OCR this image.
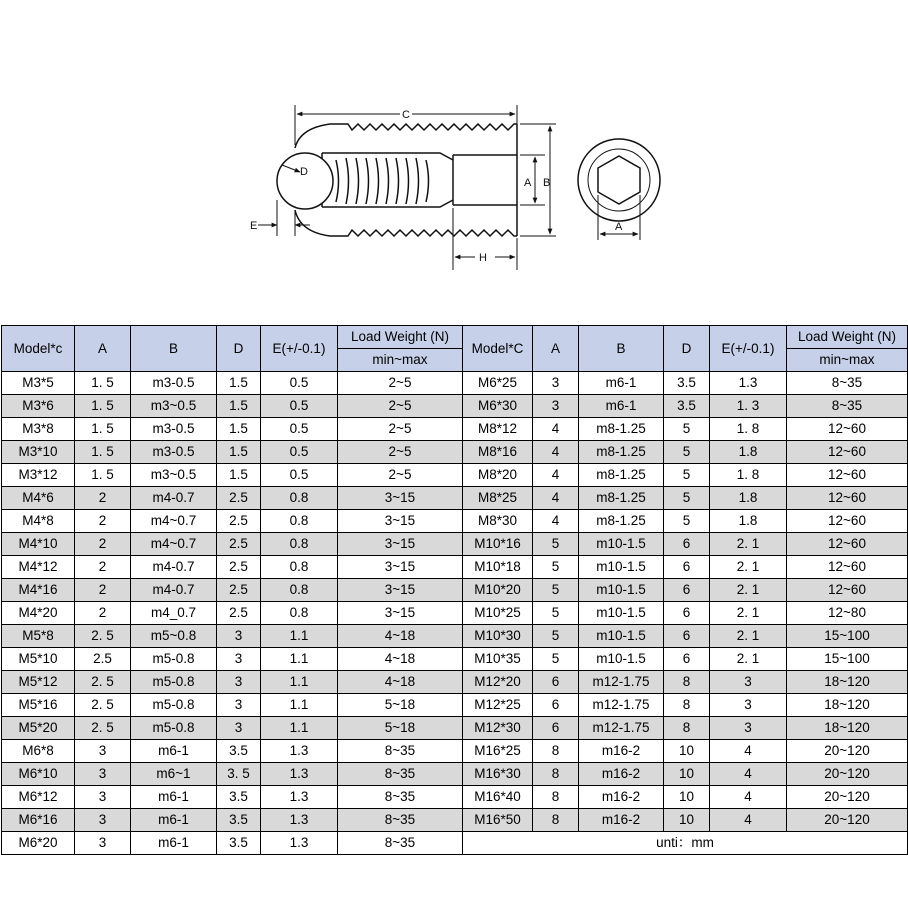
C
D
A B
E
H
A
Model*c	A	B	D	E(+/-0.1)	Load Weight (N)	Model*C	A	B	D	E(+/-0.1)	Load Weight (N)
					min~max						min~max
M3*5	1. 5	m3-0.5	1.5	0.5	2~5	M6*25	3	m6-1	3.5	1.3	8~35
M3*6	1. 5	m3~0.5	1.5	0.5	2~5	M6*30	3	m6-1	3.5	1. 3	8~35
M3*8	1. 5	m3-0.5	1.5	0.5	2~5	M8*12	4	m8-1.25	5	1. 8	12~60
M3*10	1. 5	m3-0.5	1.5	0.5	2~5	M8*16	4	m8-1.25	5	1.8	12~60
M3*12	1. 5	m3~0.5	1.5	0.5	2~5	M8*20	4	m8-1.25	5	1. 8	12~60
M4*6	2	m4-0.7	2.5	0.8	3~15	M8*25	4	m8-1.25	5	1.8	12~60
M4*8	2	m4~0.7	2.5	0.8	3~15	M8*30	4	m8-1.25	5	1.8	12~60
M4*10	2	m4~0.7	2.5	0.8	3~15	M10*16	5	m10-1.5	6	2. 1	12~60
M4*12	2	m4-0.7	2.5	0.8	3~15	M10*18	5	m10-1.5	6	2. 1	12~60
M4*16	2	m4-0.7	2.5	0.8	3~15	M10*20	5	m10-1.5	6	2. 1	12~60
M4*20	2	m4_0.7	2.5	0.8	3~15	M10*25	5	m10-1.5	6	2. 1	12~80
M5*8	2. 5	m5~0.8	3	1.1	4~18	M10*30	5	m10-1.5	6	2. 1	15~100
M5*10	2.5	m5-0.8	3	1.1	4~18	M10*35	5	m10-1.5	6	2. 1	15~100
M5*12	2. 5	m5-0.8	3	1.1	4~18	M12*20	6	m12-1.75	8	3	18~120
M5*16	2. 5	m5-0.8	3	1.1	5~18	M12*25	6	m12-1.75	8	3	18~120
M5*20	2. 5	m5-0.8	3	1.1	5~18	M12*30	6	m12-1.75	8	3	18~120
M6*8	3	m6-1	3.5	1.3	8~35	M16*25	8	m16-2	10	4	20~120
M6*10	3	m6~1	3. 5	1.3	8~35	M16*30	8	m16-2	10	4	20~120
M6*12	3	m6-1	3.5	1.3	8~35	M16*40	8	m16-2	10	4	20~120
M6*16	3	m6-1	3.5	1.3	8~35	M16*50	8	m16-2	10	4	20~120
M6*20	3	m6-1	3.5	1.3	8~35	unti：mm					
